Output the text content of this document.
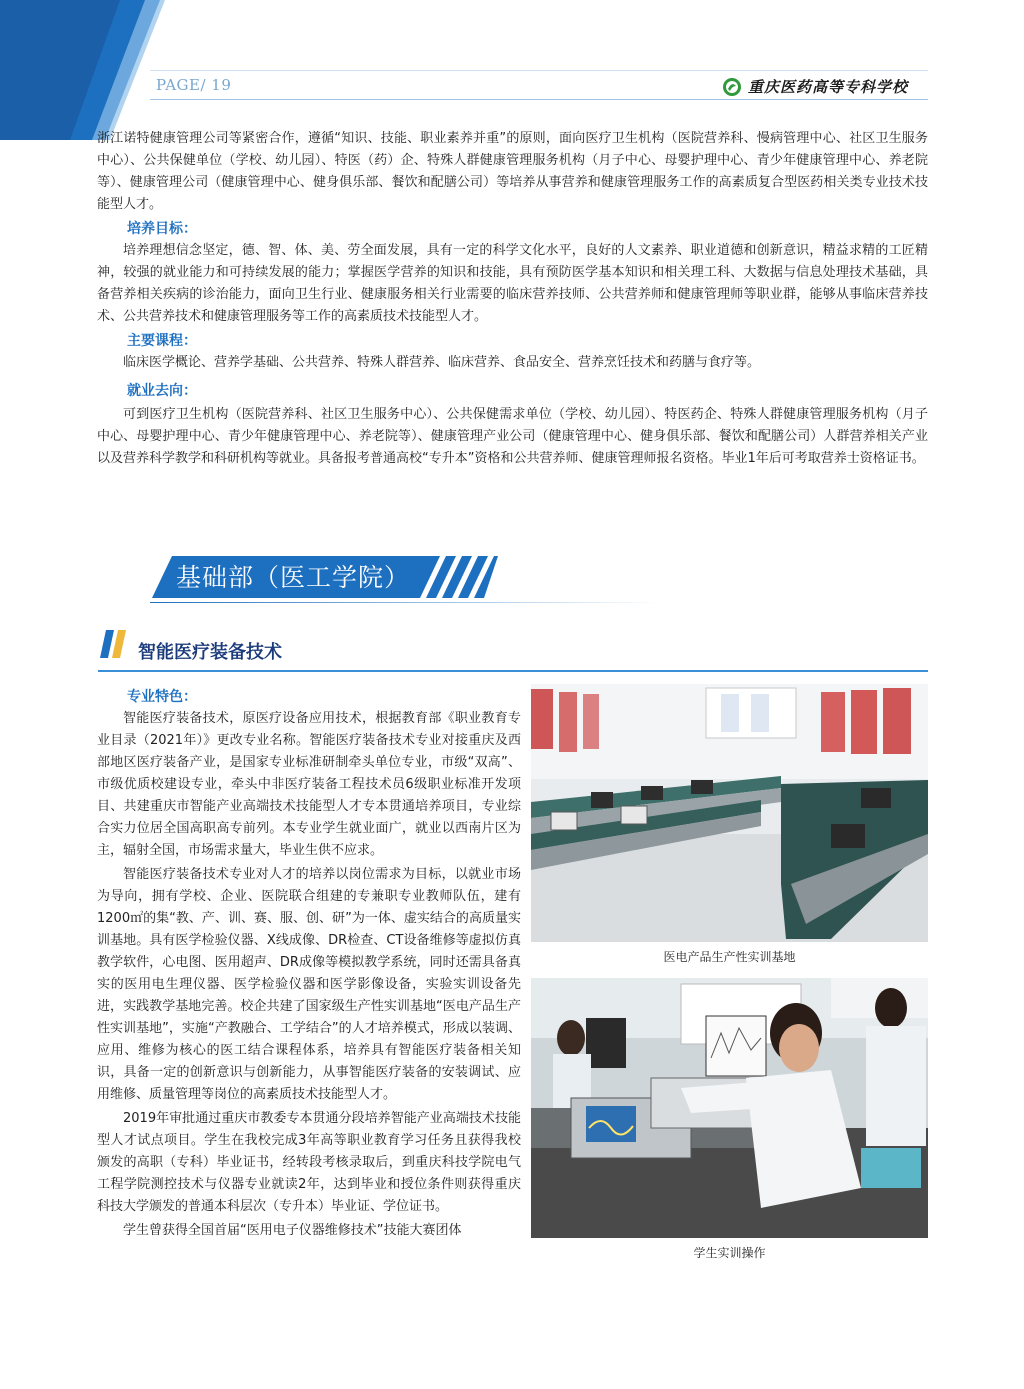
PAGE/ 19	重庆医药高等专科学校

浙江诺特健康管理公司等紧密合作，遵循“知识、技能、职业素养并重”的原则，面向医疗卫生机构（医院营养科、慢病管理中心、社区卫生服务中心）、公共保健单位（学校、幼儿园）、特医（药）企、特殊人群健康管理服务机构（月子中心、母婴护理中心、青少年健康管理中心、养老院等）、健康管理公司（健康管理中心、健身俱乐部、餐饮和配膳公司）等培养从事营养和健康管理服务工作的高素质复合型医药相关类专业技术技能型人才。

培养目标：

培养理想信念坚定，德、智、体、美、劳全面发展，具有一定的科学文化水平，良好的人文素养、职业道德和创新意识，精益求精的工匠精神，较强的就业能力和可持续发展的能力；掌握医学营养的知识和技能，具有预防医学基本知识和相关理工科、大数据与信息处理技术基础，具备营养相关疾病的诊治能力，面向卫生行业、健康服务相关行业需要的临床营养技师、公共营养师和健康管理师等职业群，能够从事临床营养技术、公共营养技术和健康管理服务等工作的高素质技术技能型人才。

主要课程：

临床医学概论、营养学基础、公共营养、特殊人群营养、临床营养、食品安全、营养烹饪技术和药膳与食疗等。

就业去向：

可到医疗卫生机构（医院营养科、社区卫生服务中心）、公共保健需求单位（学校、幼儿园）、特医药企、特殊人群健康管理服务机构（月子中心、母婴护理中心、青少年健康管理中心、养老院等）、健康管理产业公司（健康管理中心、健身俱乐部、餐饮和配膳公司）人群营养相关产业以及营养科学教学和科研机构等就业。具备报考普通高校“专升本”资格和公共营养师、健康管理师报名资格。毕业1年后可考取营养士资格证书。

基础部（医工学院）
智能医疗装备技术
专业特色：

智能医疗装备技术，原医疗设备应用技术，根据教育部《职业教育专业目录（2021年）》更改专业名称。智能医疗装备技术专业对接重庆及西部地区医疗装备产业，是国家专业标准研制牵头单位专业，市级“双高”、市级优质校建设专业，牵头中非医疗装备工程技术员6级职业标准开发项目、共建重庆市智能产业高端技术技能型人才专本贯通培养项目，专业综合实力位居全国高职高专前列。本专业学生就业面广，就业以西南片区为主，辐射全国，市场需求量大，毕业生供不应求。

智能医疗装备技术专业对人才的培养以岗位需求为目标，以就业市场为导向，拥有学校、企业、医院联合组建的专兼职专业教师队伍，建有1200㎡的集“教、产、训、赛、服、创、研”为一体、虚实结合的高质量实训基地。具有医学检验仪器、X线成像、DR检查、CT设备维修等虚拟仿真教学软件，心电图、医用超声、DR成像等模拟教学系统，同时还需具备真实的医用电生理仪器、医学检验仪器和医学影像设备，实验实训设备先进，实践教学基地完善。校企共建了国家级生产性实训基地“医电产品生产性实训基地”，实施“产教融合、工学结合”的人才培养模式，形成以装调、应用、维修为核心的医工结合课程体系，培养具有智能医疗装备相关知识，具备一定的创新意识与创新能力，从事智能医疗装备的安装调试、应用维修、质量管理等岗位的高素质技术技能型人才。

2019年审批通过重庆市教委专本贯通分段培养智能产业高端技术技能型人才试点项目。学生在我校完成3年高等职业教育学习任务且获得我校颁发的高职（专科）毕业证书，经转段考核录取后，到重庆科技学院电气工程学院测控技术与仪器专业就读2年，达到毕业和授位条件则获得重庆科技大学颁发的普通本科层次（专升本）毕业证、学位证书。

学生曾获得全国首届“医用电子仪器维修技术”技能大赛团体

医电产品生产性实训基地
学生实训操作
